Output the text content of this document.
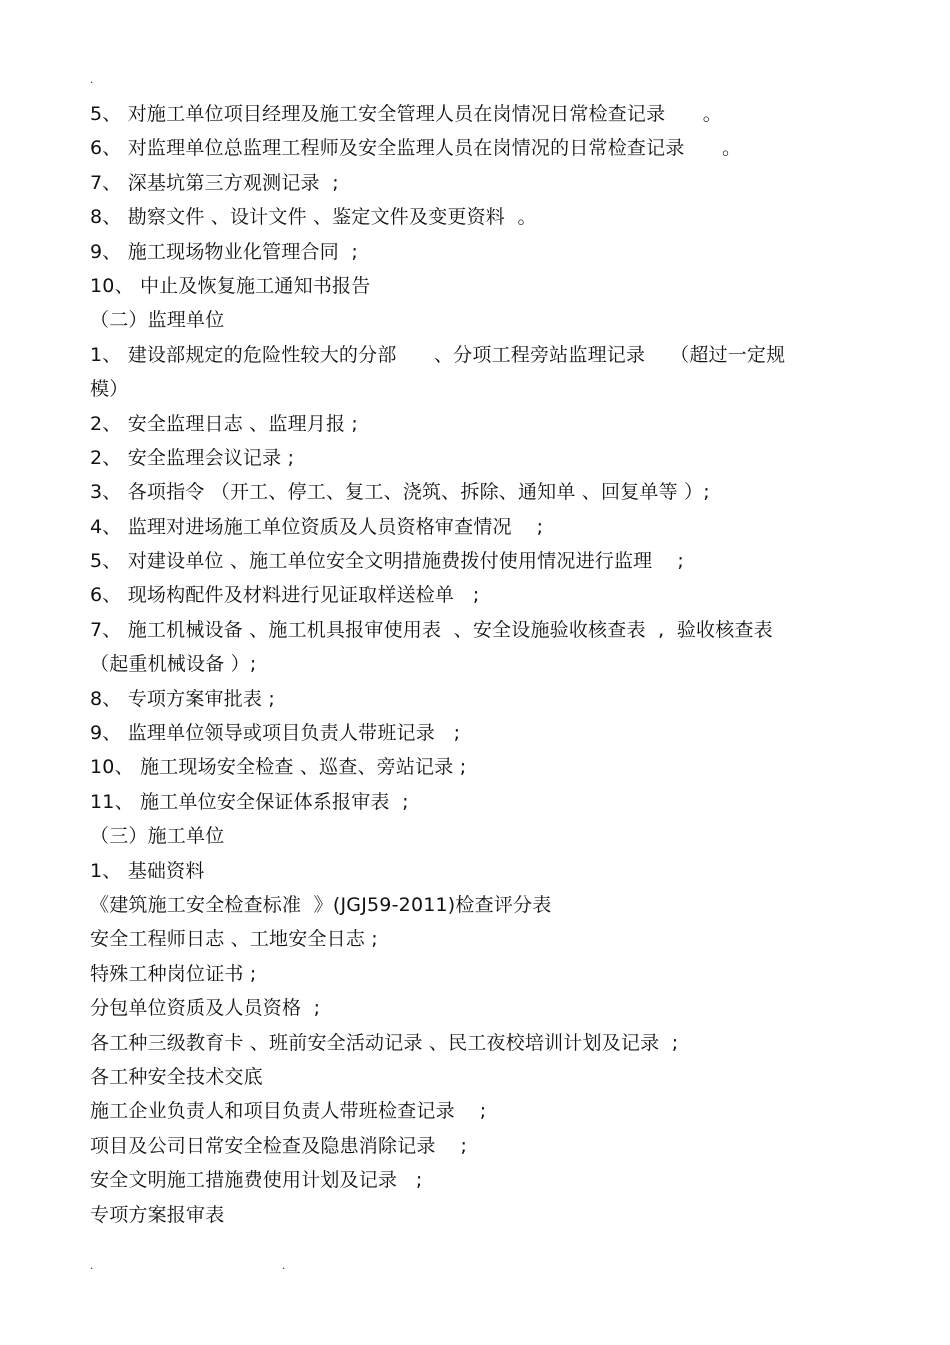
.
5、 对施工单位项目经理及施工安全管理人员在岗情况日常检查记录      。
6、 对监理单位总监理工程师及安全监理人员在岗情况的日常检查记录      。
7、 深基坑第三方观测记录  ;
8、 勘察文件 、设计文件 、鉴定文件及变更资料  。
9、 施工现场物业化管理合同  ;
10、 中止及恢复施工通知书报告
（二）监理单位
1、 建设部规定的危险性较大的分部      、分项工程旁站监理记录    （超过一定规
模）
2、 安全监理日志 、监理月报 ;
2、 安全监理会议记录 ;
3、 各项指令 （开工、停工、复工、浇筑、拆除、通知单 、回复单等 ）;
4、 监理对进场施工单位资质及人员资格审查情况    ;
5、 对建设单位 、施工单位安全文明措施费拨付使用情况进行监理    ;
6、 现场构配件及材料进行见证取样送检单   ;
7、 施工机械设备 、施工机具报审使用表  、安全设施验收核查表  ,  验收核查表
（起重机械设备 ）;
8、 专项方案审批表 ;
9、 监理单位领导或项目负责人带班记录   ;
10、 施工现场安全检查 、巡查、旁站记录 ;
11、 施工单位安全保证体系报审表  ;
（三）施工单位
1、 基础资料
《建筑施工安全检查标准  》(JGJ59-2011)检查评分表
安全工程师日志 、工地安全日志 ;
特殊工种岗位证书 ;
分包单位资质及人员资格  ;
各工种三级教育卡 、班前安全活动记录 、民工夜校培训计划及记录  ;
各工种安全技术交底
施工企业负责人和项目负责人带班检查记录    ;
项目及公司日常安全检查及隐患消除记录    ;
安全文明施工措施费使用计划及记录   ;
专项方案报审表
.	.
